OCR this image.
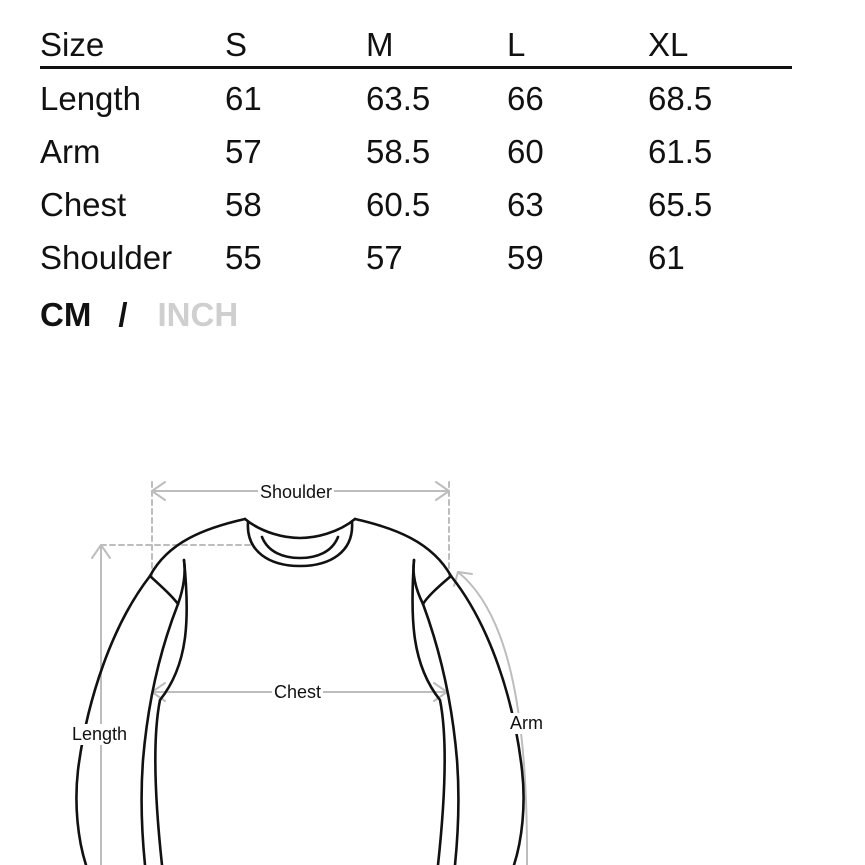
Size	S	M	L	XL
Length	61	63.5	66	68.5
Arm	57	58.5	60	61.5
Chest	58	60.5	63	65.5
Shoulder	55	57	59	61
CM / INCH
Shoulder
Chest
Length
Arm
